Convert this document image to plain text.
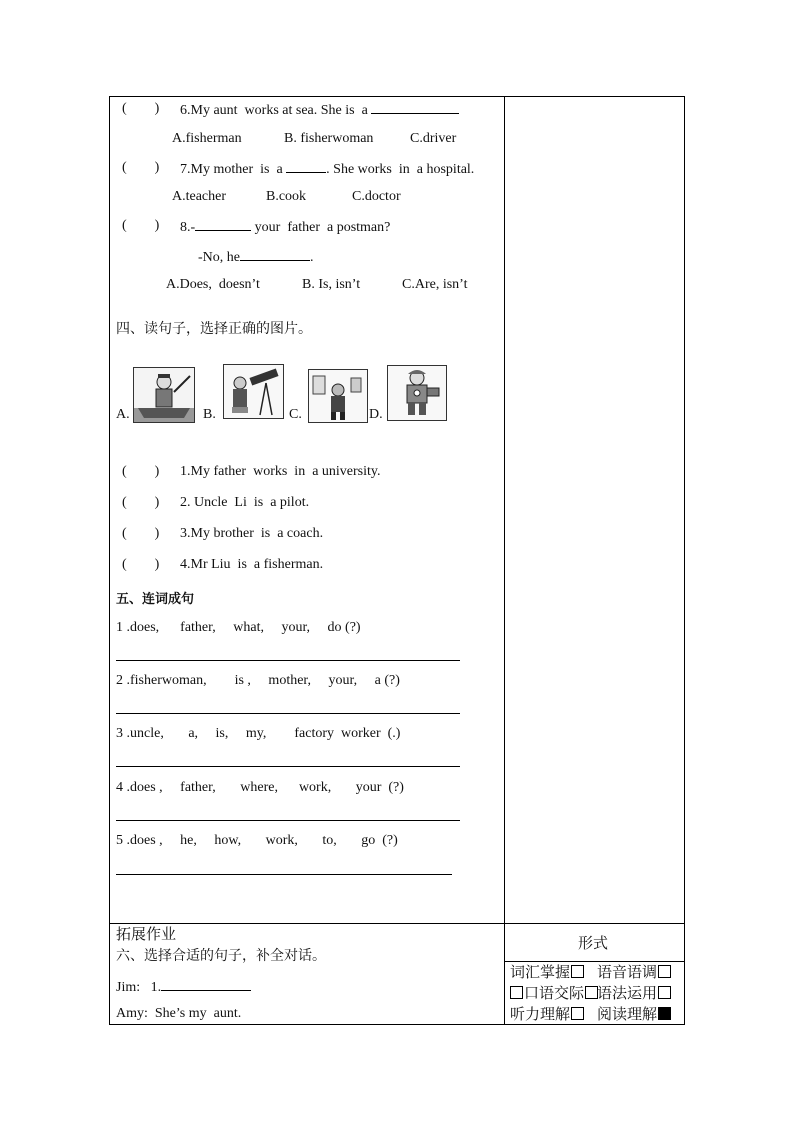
(        ) 6.My aunt  works at sea. She is  a
A.fisherman	B. fisherwoman	C.driver
(        ) 7.My mother  is  a	. She works  in  a hospital.
A.teacher	B.cook	C.doctor
(        ) 8.-	your  father  a postman?
-No, he	.
A.Does,  doesn’t	B. Is, isn’t	C.Are, isn’t
四、读句子，选择正确的图片。
A.	B.	C.	D.
(        ) 1.My father  works  in  a university.
(        ) 2. Uncle  Li  is  a pilot.
(        ) 3.My brother  is  a coach.
(        ) 4.Mr Liu  is  a fisherman.
五、连词成句
1 .does,      father,     what,     your,     do (?)
2 .fisherwoman,        is ,     mother,     your,     a (?)
3 .uncle,       a,     is,     my,        factory  worker  (.)
4 .does ,     father,       where,      work,       your  (?)
5 .does ,     he,     how,       work,       to,       go  (?)
拓展作业
六、选择合适的句子，补全对话。
Jim:   1.
Amy:  She’s my  aunt.
形式
词汇掌握	语音语调
口语交际 语法运用
听力理解	阅读理解
